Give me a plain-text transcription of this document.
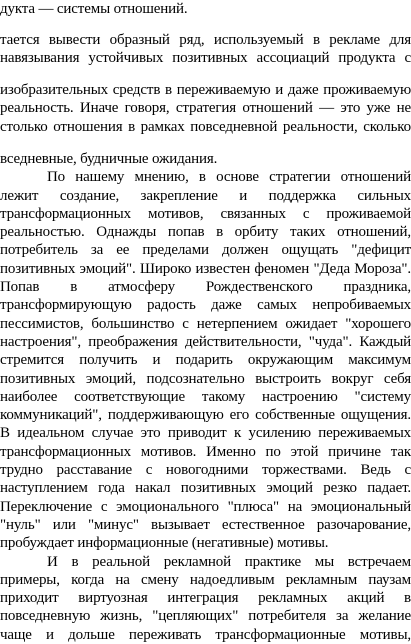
дукта — системы отношений.
тается вывести образный ряд, используемый в рекламе для
навязывания устойчивых позитивных ассоциаций продукта с
изобразительных средств в переживаемую и даже проживаемую
реальность. Иначе говоря, стратегия отношений — это уже не
столько отношения в рамках повседневной реальности, сколько
вседневные, будничные ожидания.
По нашему мнению, в основе стратегии отношений
лежит создание, закрепление и поддержка сильных
трансформационных мотивов, связанных с проживаемой
реальностью. Однажды попав в орбиту таких отношений,
потребитель за ее пределами должен ощущать "дефицит
позитивных эмоций". Широко известен феномен "Деда Мороза".
Попав в атмосферу Рождественского праздника,
трансформирующую радость даже самых непробиваемых
пессимистов, большинство с нетерпением ожидает "хорошего
настроения", преображения действительности, "чуда". Каждый
стремится получить и подарить окружающим максимум
позитивных эмоций, подсознательно выстроить вокруг себя
наиболее соответствующие такому настроению "систему
коммуникаций", поддерживающую его собственные ощущения.
В идеальном случае это приводит к усилению переживаемых
трансформационных мотивов. Именно по этой причине так
трудно расставание с новогодними торжествами. Ведь с
наступлением года накал позитивных эмоций резко падает.
Переключение с эмоционального "плюса" на эмоциональный
"нуль" или "минус" вызывает естественное разочарование,
пробуждает информационные (негативные) мотивы.
И в реальной рекламной практике мы встречаем
примеры, когда на смену надоедливым рекламным паузам
приходит виртуозная интеграция рекламных акций в
повседневную жизнь, "цепляющих" потребителя за желание
чаще и дольше переживать трансформационные мотивы,
